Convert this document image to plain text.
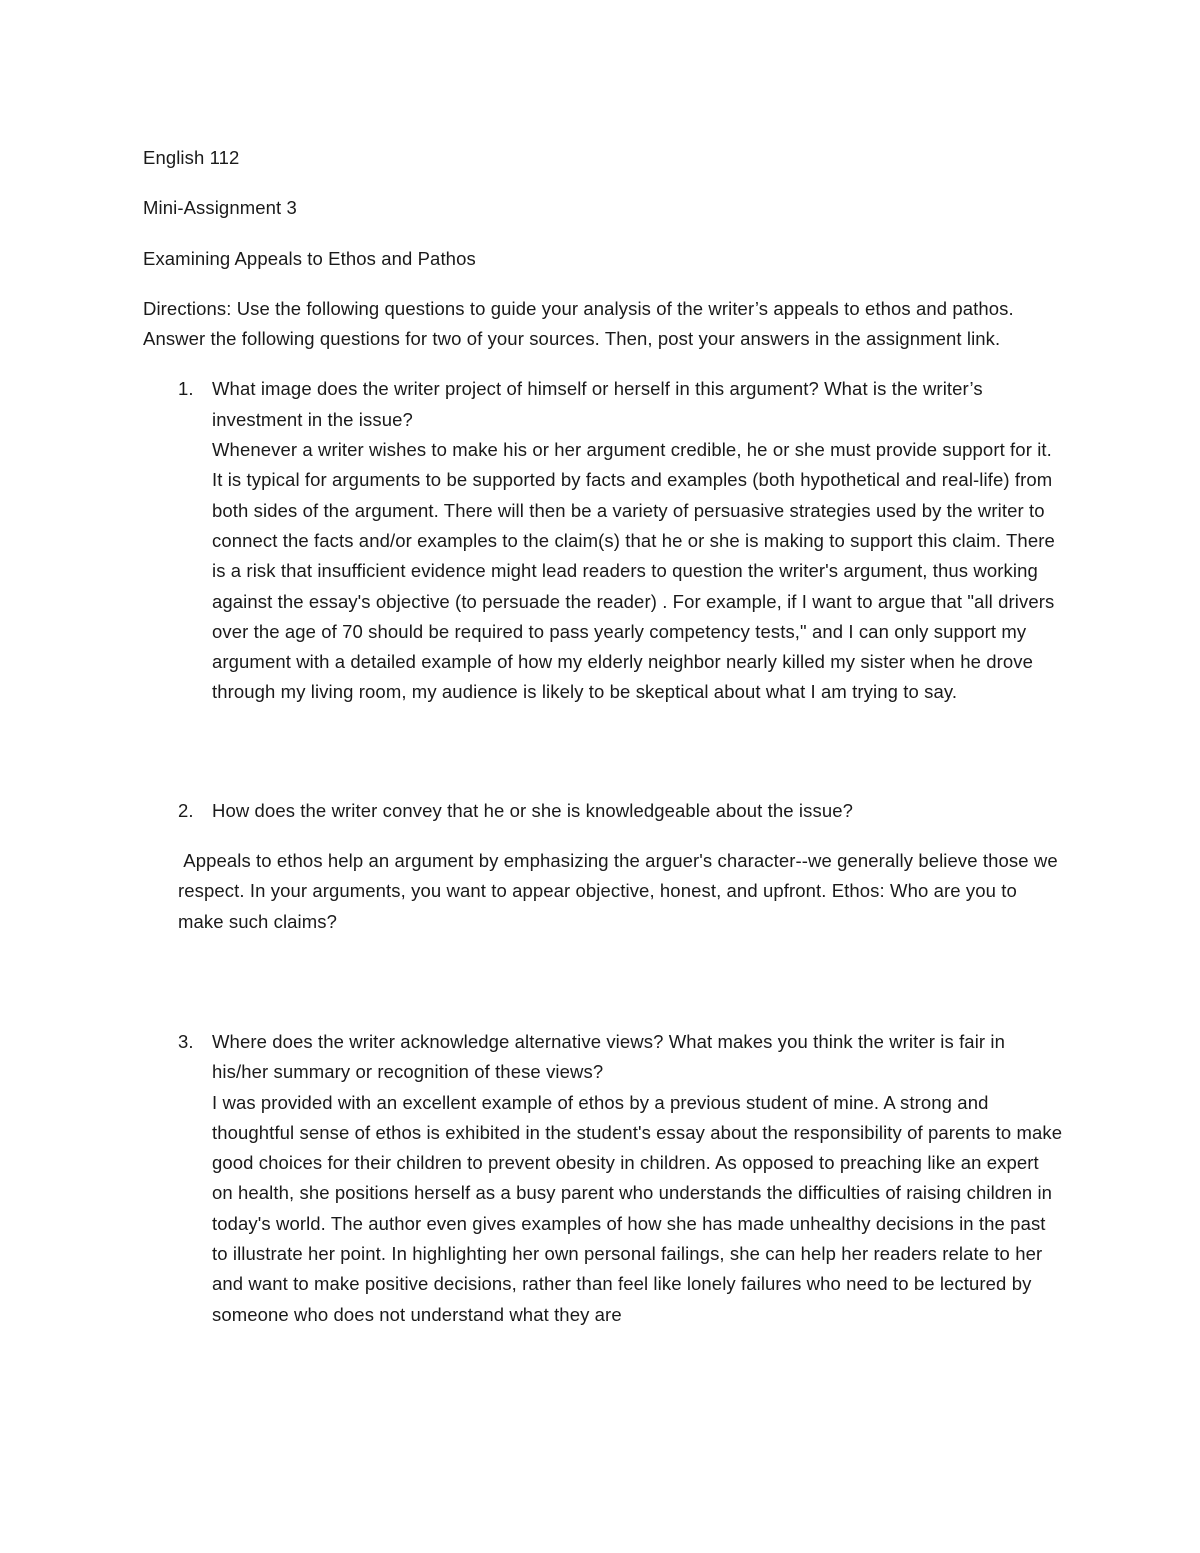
English 112

Mini-Assignment 3

Examining Appeals to Ethos and Pathos

Directions: Use the following questions to guide your analysis of the writer’s appeals to ethos and pathos. Answer the following questions for two of your sources. Then, post your answers in the assignment link.

1. What image does the writer project of himself or herself in this argument? What is the writer’s investment in the issue?

Whenever a writer wishes to make his or her argument credible, he or she must provide support for it. It is typical for arguments to be supported by facts and examples (both hypothetical and real-life) from both sides of the argument. There will then be a variety of persuasive strategies used by the writer to connect the facts and/or examples to the claim(s) that he or she is making to support this claim. There is a risk that insufficient evidence might lead readers to question the writer's argument, thus working against the essay's objective (to persuade the reader) . For example, if I want to argue that "all drivers over the age of 70 should be required to pass yearly competency tests," and I can only support my argument with a detailed example of how my elderly neighbor nearly killed my sister when he drove through my living room, my audience is likely to be skeptical about what I am trying to say.

2. How does the writer convey that he or she is knowledgeable about the issue?

Appeals to ethos help an argument by emphasizing the arguer's character--we generally believe those we respect. In your arguments, you want to appear objective, honest, and upfront. Ethos: Who are you to make such claims?

3. Where does the writer acknowledge alternative views? What makes you think the writer is fair in his/her summary or recognition of these views?

I was provided with an excellent example of ethos by a previous student of mine. A strong and thoughtful sense of ethos is exhibited in the student's essay about the responsibility of parents to make good choices for their children to prevent obesity in children. As opposed to preaching like an expert on health, she positions herself as a busy parent who understands the difficulties of raising children in today's world. The author even gives examples of how she has made unhealthy decisions in the past to illustrate her point. In highlighting her own personal failings, she can help her readers relate to her and want to make positive decisions, rather than feel like lonely failures who need to be lectured by someone who does not understand what they are
